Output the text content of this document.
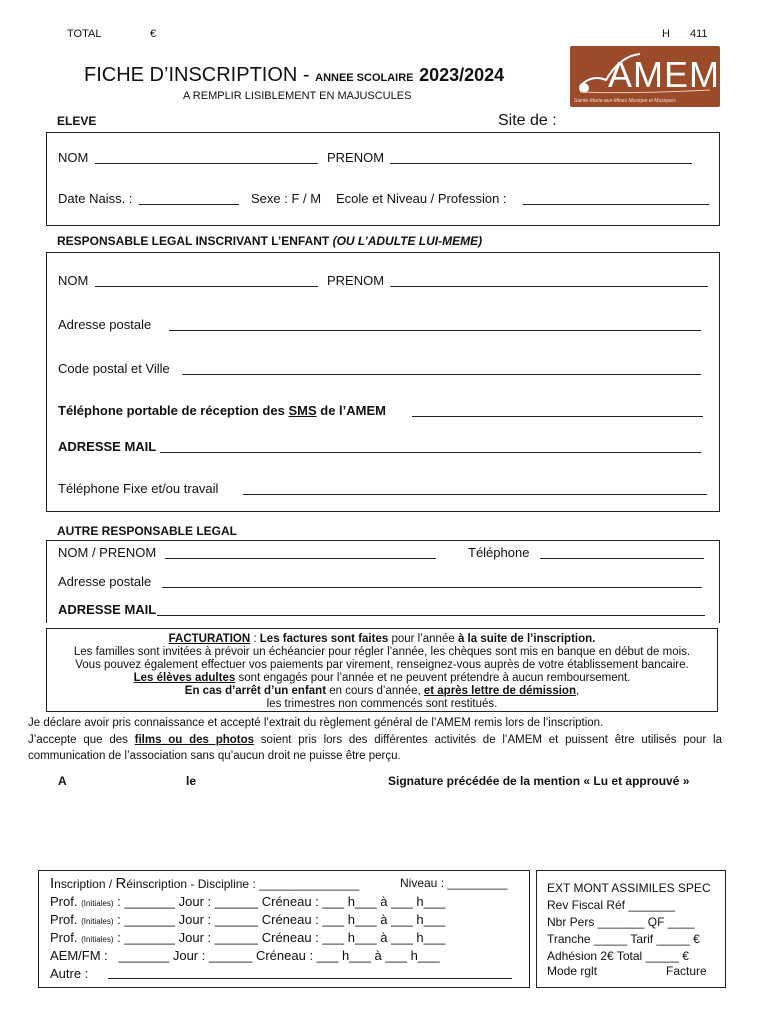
TOTAL	€	H 411
FICHE D’INSCRIPTION - ANNEE SCOLAIRE 2023/2024
A REMPLIR LISIBLEMENT EN MAJUSCULES
AMEM
Sainte-Marie-aux-Mines Musique et Musiques
ELEVE	Site de :
NOM	PRENOM
Date Naiss. :	Sexe : F / M Ecole et Niveau / Profession :
RESPONSABLE LEGAL INSCRIVANT L’ENFANT (OU L’ADULTE LUI-MEME)
NOM	PRENOM
Adresse postale
Code postal et Ville
Téléphone portable de réception des SMS de l’AMEM
ADRESSE MAIL
Téléphone Fixe et/ou travail
AUTRE RESPONSABLE LEGAL
NOM / PRENOM	Téléphone
Adresse postale
ADRESSE MAIL

FACTURATION : Les factures sont faites pour l’année à la suite de l’inscription.

Les familles sont invitées à prévoir un échéancier pour régler l’année, les chèques sont mis en banque en début de mois.

Vous pouvez également effectuer vos paiements par virement, renseignez-vous auprès de votre établissement bancaire.

Les élèves adultes sont engagés pour l’année et ne peuvent prétendre à aucun remboursement.

En cas d’arrêt d’un enfant en cours d’année, et après lettre de démission,

les trimestres non commencés sont restitués.

Je déclare avoir pris connaissance et accepté l’extrait du règlement général de l’AMEM remis lors de l’inscription.
J’accepte que des films ou des photos soient pris lors des différentes activités de l’AMEM et puissent être utilisés pour la communication de l’association sans qu’aucun droit ne puisse être perçu.
A	le	Signature précédée de la mention « Lu et approuvé »
Inscription / Réinscription - Discipline : _______________	Niveau : _________
Prof. (Initiales) : _______ Jour : ______ Créneau : ___ h___ à ___ h___
Prof. (Initiales) : _______ Jour : ______ Créneau : ___ h___ à ___ h___
Prof. (Initiales) : _______ Jour : ______ Créneau : ___ h___ à ___ h___
AEM/FM : _______ Jour : ______ Créneau : ___ h___ à ___ h___
Autre :
EXT MONT ASSIMILES SPEC
Rev Fiscal Réf _______
Nbr Pers _______ QF ____
Tranche _____ Tarif _____ €
Adhésion 2€ Total _____ €
Mode rglt	Facture
